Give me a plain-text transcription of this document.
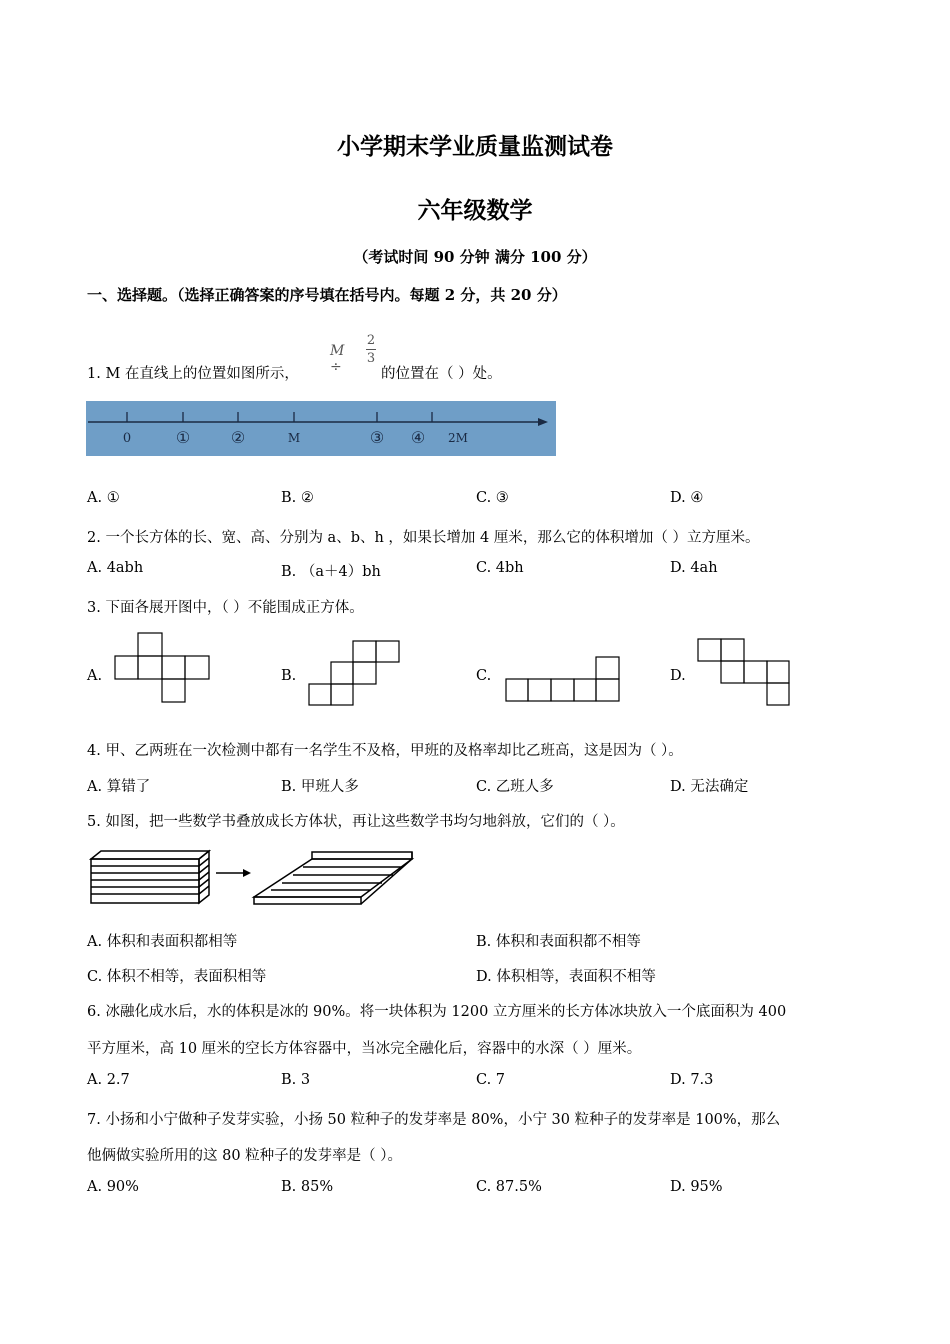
小学期末学业质量监测试卷
六年级数学
（考试时间 90 分钟 满分 100 分）
一、选择题。（选择正确答案的序号填在括号内。每题 2 分，共 20 分）
1. M 在直线上的位置如图所示，
M ÷
2
3
的位置在（ ）处。
0	①	②	M	③ ④ 2M
A. ①	B. ②	C. ③	D. ④
2. 一个长方体的长、宽、高、分别为 a、b、h ，如果长增加 4 厘米，那么它的体积增加（ ）立方厘米。
A. 4abh	B. （a＋4）bh	C. 4bh	D. 4ah
3. 下面各展开图中，（ ）不能围成正方体。
A.	B.	C.	D.
4. 甲、乙两班在一次检测中都有一名学生不及格，甲班的及格率却比乙班高，这是因为（ ）。
A. 算错了	B. 甲班人多	C. 乙班人多	D. 无法确定
5. 如图，把一些数学书叠放成长方体状，再让这些数学书均匀地斜放，它们的（ ）。
A. 体积和表面积都相等	B. 体积和表面积都不相等
C. 体积不相等，表面积相等	D. 体积相等，表面积不相等
6. 冰融化成水后，水的体积是冰的 90%。将一块体积为 1200 立方厘米的长方体冰块放入一个底面积为 400
平方厘米，高 10 厘米的空长方体容器中，当冰完全融化后，容器中的水深（ ）厘米。
A. 2.7	B. 3	C. 7	D. 7.3
7. 小扬和小宁做种子发芽实验，小扬 50 粒种子的发芽率是 80%，小宁 30 粒种子的发芽率是 100%，那么
他俩做实验所用的这 80 粒种子的发芽率是（ ）。
A. 90%	B. 85%	C. 87.5%	D. 95%
